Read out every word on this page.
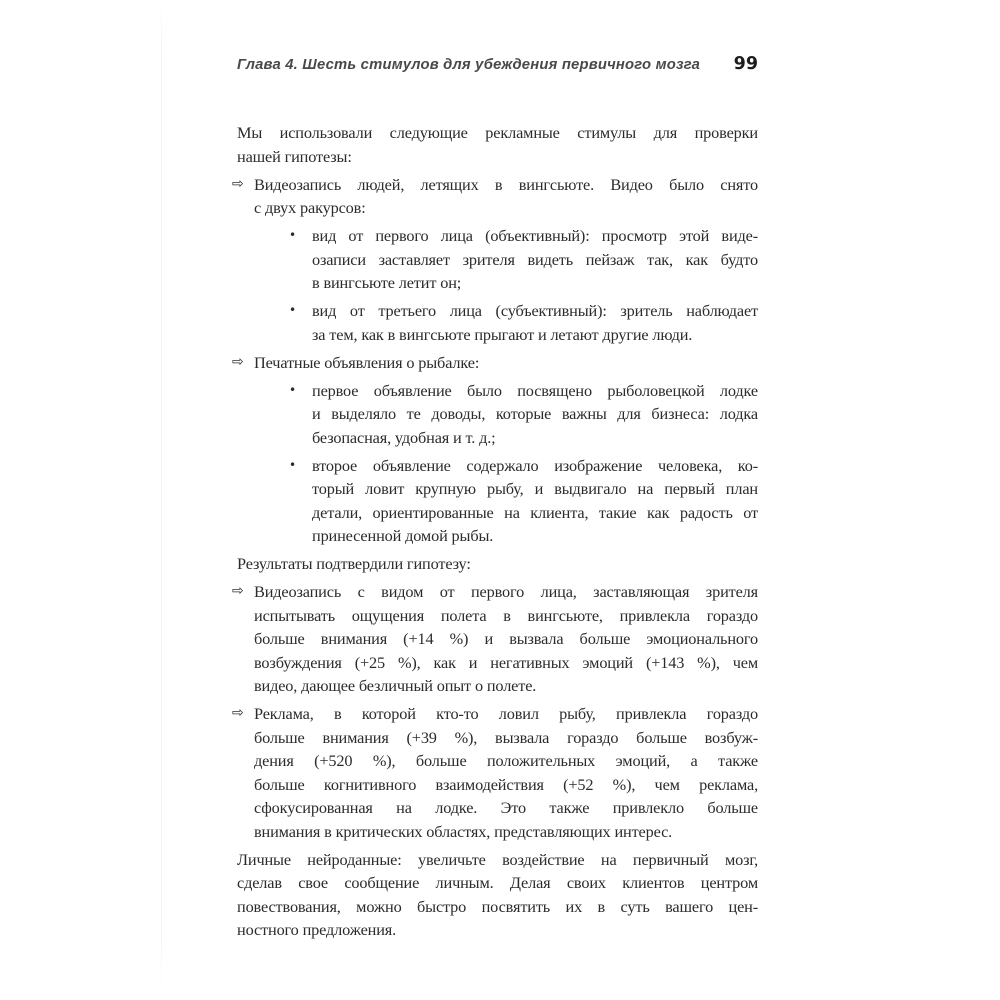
Глава 4. Шесть стимулов для убеждения первичного мозга 99
Мы использовали следующие рекламные стимулы для проверки
нашей гипотезы:
⇨ Видеозапись людей, летящих в вингсьюте. Видео было снято
с двух ракурсов:
• вид от первого лица (объективный): просмотр этой виде-
озаписи заставляет зрителя видеть пейзаж так, как будто
в вингсьюте летит он;
• вид от третьего лица (субъективный): зритель наблюдает
за тем, как в вингсьюте прыгают и летают другие люди.
⇨ Печатные объявления о рыбалке:
• первое объявление было посвящено рыболовецкой лодке
и выделяло те доводы, которые важны для бизнеса: лодка
безопасная, удобная и т. д.;
• второе объявление содержало изображение человека, ко-
торый ловит крупную рыбу, и выдвигало на первый план
детали, ориентированные на клиента, такие как радость от
принесенной домой рыбы.
Результаты подтвердили гипотезу:
⇨ Видеозапись с видом от первого лица, заставляющая зрителя
испытывать ощущения полета в вингсьюте, привлекла гораздо
больше внимания (+14 %) и вызвала больше эмоционального
возбуждения (+25 %), как и негативных эмоций (+143 %), чем
видео, дающее безличный опыт о полете.
⇨ Реклама, в которой кто-то ловил рыбу, привлекла гораздо
больше внимания (+39 %), вызвала гораздо больше возбуж-
дения (+520 %), больше положительных эмоций, а также
больше когнитивного взаимодействия (+52 %), чем реклама,
сфокусированная на лодке. Это также привлекло больше
внимания в критических областях, представляющих интерес.
Личные нейроданные: увеличьте воздействие на первичный мозг,
сделав свое сообщение личным. Делая своих клиентов центром
повествования, можно быстро посвятить их в суть вашего цен-
ностного предложения.
